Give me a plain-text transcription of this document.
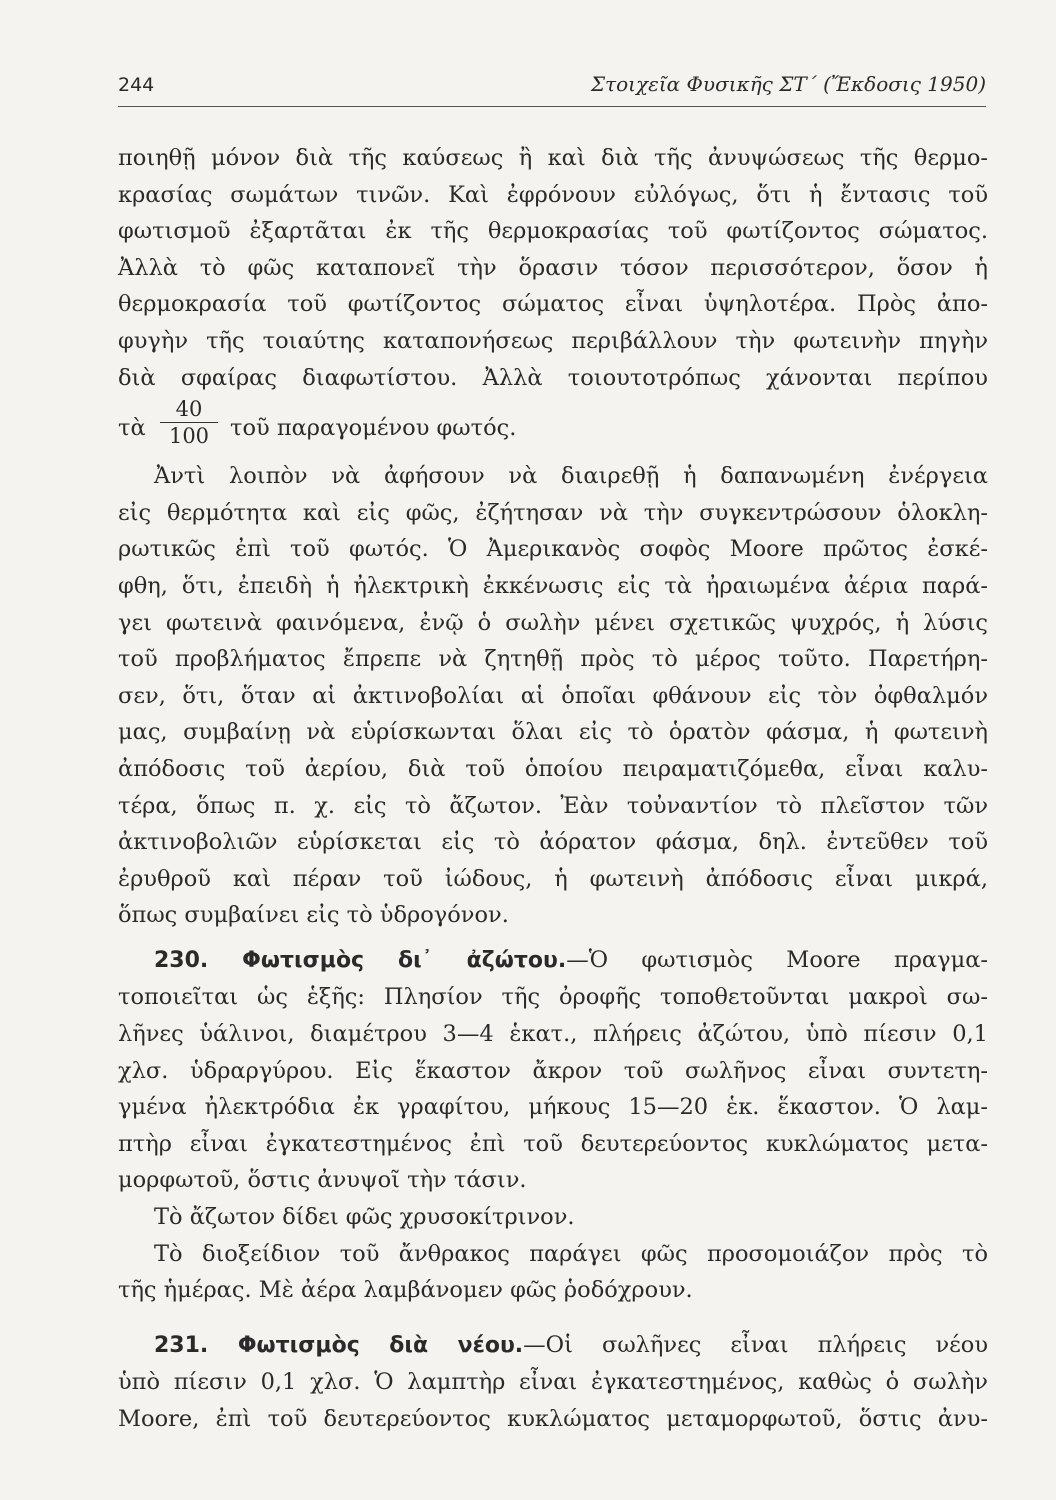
244	Στοιχεῖα Φυσικῆς ΣΤ΄ (Ἔκδοσις 1950)

ποιηθῇ μόνον διὰ τῆς καύσεως ἢ καὶ διὰ τῆς ἀνυψώσεως τῆς θερμο-
κρασίας σωμάτων τινῶν. Καὶ ἐφρόνουν εὐλόγως, ὅτι ἡ ἔντασις τοῦ
φωτισμοῦ ἐξαρτᾶται ἐκ τῆς θερμοκρασίας τοῦ φωτίζοντος σώματος.
Ἀλλὰ τὸ φῶς καταπονεῖ τὴν ὅρασιν τόσον περισσότερον, ὅσον ἡ
θερμοκρασία τοῦ φωτίζοντος σώματος εἶναι ὑψηλοτέρα. Πρὸς ἀπο-
φυγὴν τῆς τοιαύτης καταπονήσεως περιβάλλουν τὴν φωτεινὴν πηγὴν
διὰ σφαίρας διαφωτίστου. Ἀλλὰ τοιουτοτρόπως χάνονται περίπου

τὰ $\frac{40}{100}$ τοῦ παραγομένου φωτός.

Ἀντὶ λοιπὸν νὰ ἀφήσουν νὰ διαιρεθῇ ἡ δαπανωμένη ἐνέργεια
εἰς θερμότητα καὶ εἰς φῶς, ἐζήτησαν νὰ τὴν συγκεντρώσουν ὁλοκλη-
ρωτικῶς ἐπὶ τοῦ φωτός. Ὁ Ἀμερικανὸς σοφὸς Moore πρῶτος ἐσκέ-
φθη, ὅτι, ἐπειδὴ ἡ ἠλεκτρικὴ ἐκκένωσις εἰς τὰ ἠραιωμένα ἀέρια παρά-
γει φωτεινὰ φαινόμενα, ἐνῷ ὁ σωλὴν μένει σχετικῶς ψυχρός, ἡ λύσις
τοῦ προβλήματος ἔπρεπε νὰ ζητηθῇ πρὸς τὸ μέρος τοῦτο. Παρετήρη-
σεν, ὅτι, ὅταν αἱ ἀκτινοβολίαι αἱ ὁποῖαι φθάνουν εἰς τὸν ὀφθαλμόν
μας, συμβαίνῃ νὰ εὑρίσκωνται ὅλαι εἰς τὸ ὁρατὸν φάσμα, ἡ φωτεινὴ
ἀπόδοσις τοῦ ἀερίου, διὰ τοῦ ὁποίου πειραματιζόμεθα, εἶναι καλυ-
τέρα, ὅπως π. χ. εἰς τὸ ἄζωτον. Ἐὰν τοὐναντίον τὸ πλεῖστον τῶν
ἀκτινοβολιῶν εὑρίσκεται εἰς τὸ ἀόρατον φάσμα, δηλ. ἐντεῦθεν τοῦ
ἐρυθροῦ καὶ πέραν τοῦ ἰώδους, ἡ φωτεινὴ ἀπόδοσις εἶναι μικρά,
ὅπως συμβαίνει εἰς τὸ ὑδρογόνον.

230. Φωτισμὸς δι᾿ ἀζώτου.—Ὁ φωτισμὸς Moore πραγμα-
τοποιεῖται ὡς ἑξῆς: Πλησίον τῆς ὀροφῆς τοποθετοῦνται μακροὶ σω-
λῆνες ὑάλινοι, διαμέτρου 3—4 ἑκατ., πλήρεις ἀζώτου, ὑπὸ πίεσιν 0,1
χλσ. ὑδραργύρου. Εἰς ἕκαστον ἄκρον τοῦ σωλῆνος εἶναι συντετη-
γμένα ἠλεκτρόδια ἐκ γραφίτου, μήκους 15—20 ἑκ. ἕκαστον. Ὁ λαμ-
πτὴρ εἶναι ἐγκατεστημένος ἐπὶ τοῦ δευτερεύοντος κυκλώματος μετα-
μορφωτοῦ, ὅστις ἀνυψοῖ τὴν τάσιν.

Τὸ ἄζωτον δίδει φῶς χρυσοκίτρινον.

Τὸ διοξείδιον τοῦ ἄνθρακος παράγει φῶς προσομοιάζον πρὸς τὸ
τῆς ἡμέρας. Μὲ ἀέρα λαμβάνομεν φῶς ῥοδόχρουν.

231. Φωτισμὸς διὰ νέου.—Οἱ σωλῆνες εἶναι πλήρεις νέου
ὑπὸ πίεσιν 0,1 χλσ. Ὁ λαμπτὴρ εἶναι ἐγκατεστημένος, καθὼς ὁ σωλὴν
Moore, ἐπὶ τοῦ δευτερεύοντος κυκλώματος μεταμορφωτοῦ, ὅστις ἀνυ-
